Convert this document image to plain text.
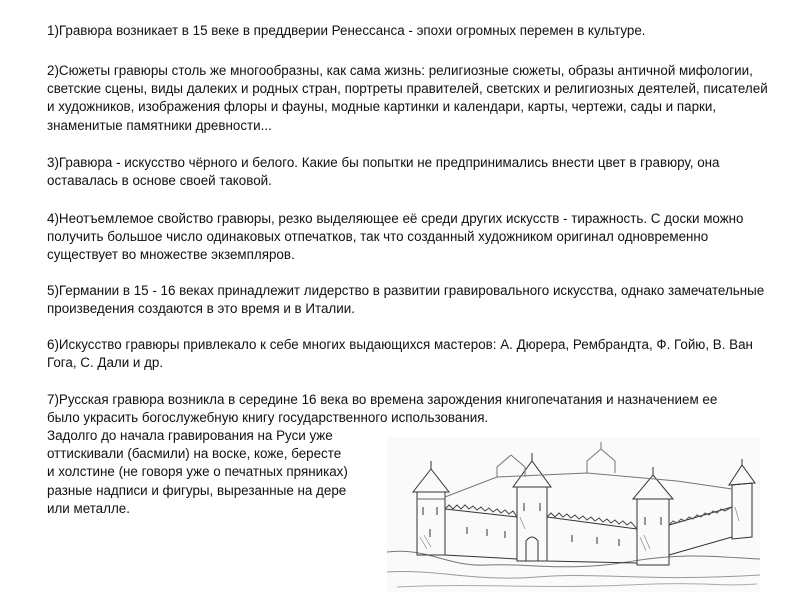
1)Гравюра возникает в 15 веке в преддверии Ренессанса - эпохи огромных перемен в культуре.

2)Сюжеты гравюры столь же многообразны, как сама жизнь: религиозные сюжеты, образы античной мифологии, светские сцены, виды далеких и родных стран, портреты правителей, светских и религиозных деятелей, писателей и художников, изображения флоры и фауны, модные картинки и календари, карты, чертежи, сады и парки, знаменитые памятники древности...

3)Гравюра - искусство чёрного и белого. Какие бы попытки не предпринимались внести цвет в гравюру, она оставалась в основе своей таковой.

4)Неотъемлемое свойство гравюры, резко выделяющее её среди других искусств - тиражность. С доски можно получить большое число одинаковых отпечатков, так что созданный художником оригинал одновременно существует во множестве экземпляров.

5)Германии в 15 - 16 веках принадлежит лидерство в развитии гравировального искусства, однако замечательные произведения создаются в это время и в Италии.

6)Искусство гравюры привлекало к себе многих выдающихся мастеров: А. Дюрера, Рембрандта, Ф. Гойю, В. Ван Гога, С. Дали и др.

7)Русская гравюра возникла в середине 16 века во времена зарождения книгопечатания и назначением ее было украсить богослужебную книгу государственного использования.

Задолго до начала гравирования на Руси уже
оттискивали (басмили) на воске, коже, бересте
и холстине (не говоря уже о печатных пряниках)
разные надписи и фигуры, вырезанные на дере
или металле.
